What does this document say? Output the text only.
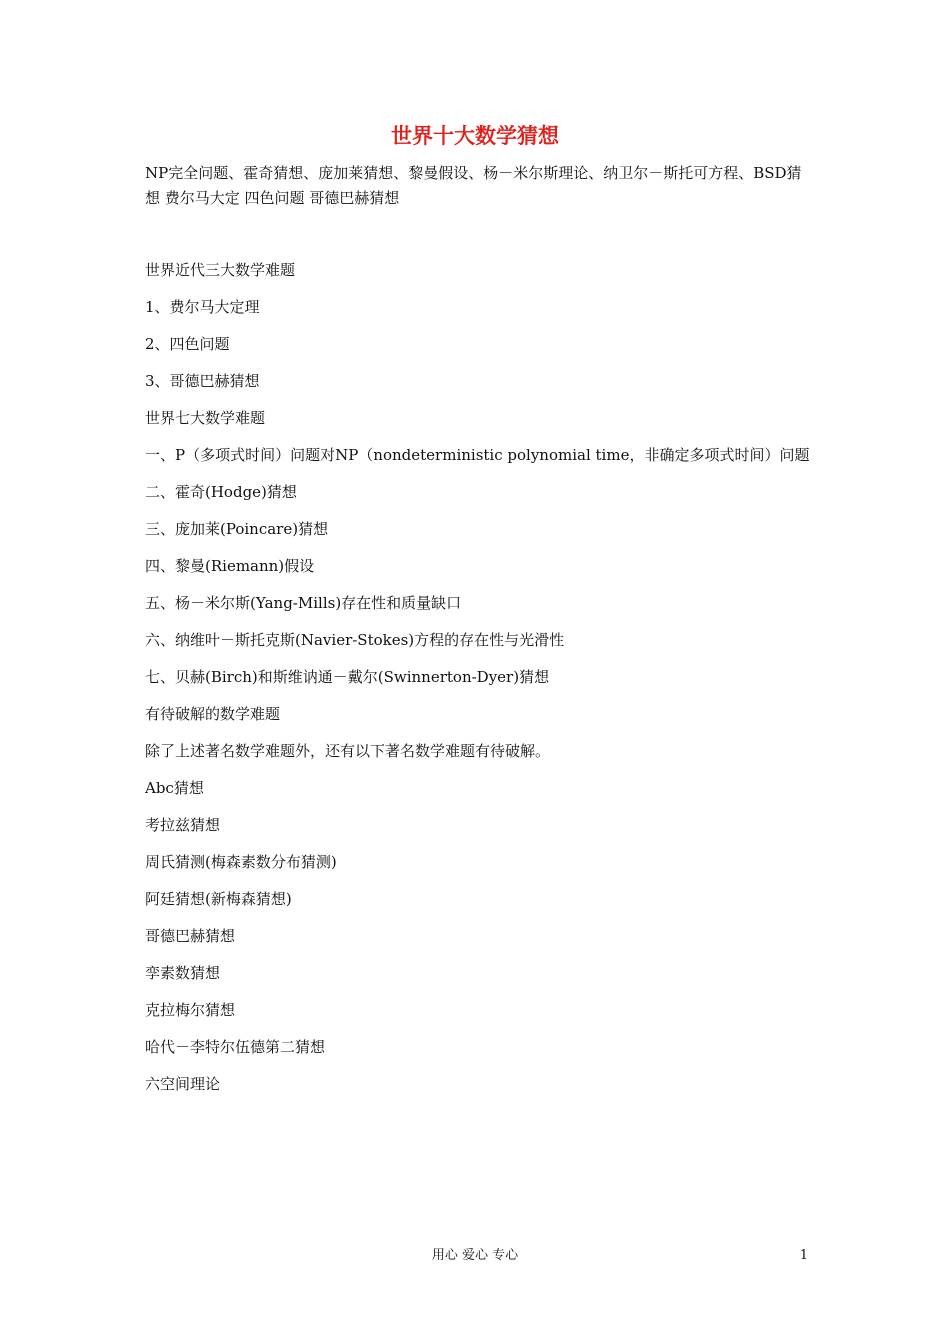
世界十大数学猜想

NP完全问题、霍奇猜想、庞加莱猜想、黎曼假设、杨－米尔斯理论、纳卫尔－斯托可方程、BSD猜想 费尔马大定 四色问题 哥德巴赫猜想

世界近代三大数学难题

1、费尔马大定理

2、四色问题

3、哥德巴赫猜想

世界七大数学难题

一、P（多项式时间）问题对NP（nondeterministic polynomial time，非确定多项式时间）问题

二、霍奇(Hodge)猜想

三、庞加莱(Poincare)猜想

四、黎曼(Riemann)假设

五、杨－米尔斯(Yang-Mills)存在性和质量缺口

六、纳维叶－斯托克斯(Navier-Stokes)方程的存在性与光滑性

七、贝赫(Birch)和斯维讷通－戴尔(Swinnerton-Dyer)猜想

有待破解的数学难题

除了上述著名数学难题外，还有以下著名数学难题有待破解。

Abc猜想

考拉兹猜想

周氏猜测(梅森素数分布猜测)

阿廷猜想(新梅森猜想)

哥德巴赫猜想

孪素数猜想

克拉梅尔猜想

哈代－李特尔伍德第二猜想

六空间理论

用心 爱心 专心	1
